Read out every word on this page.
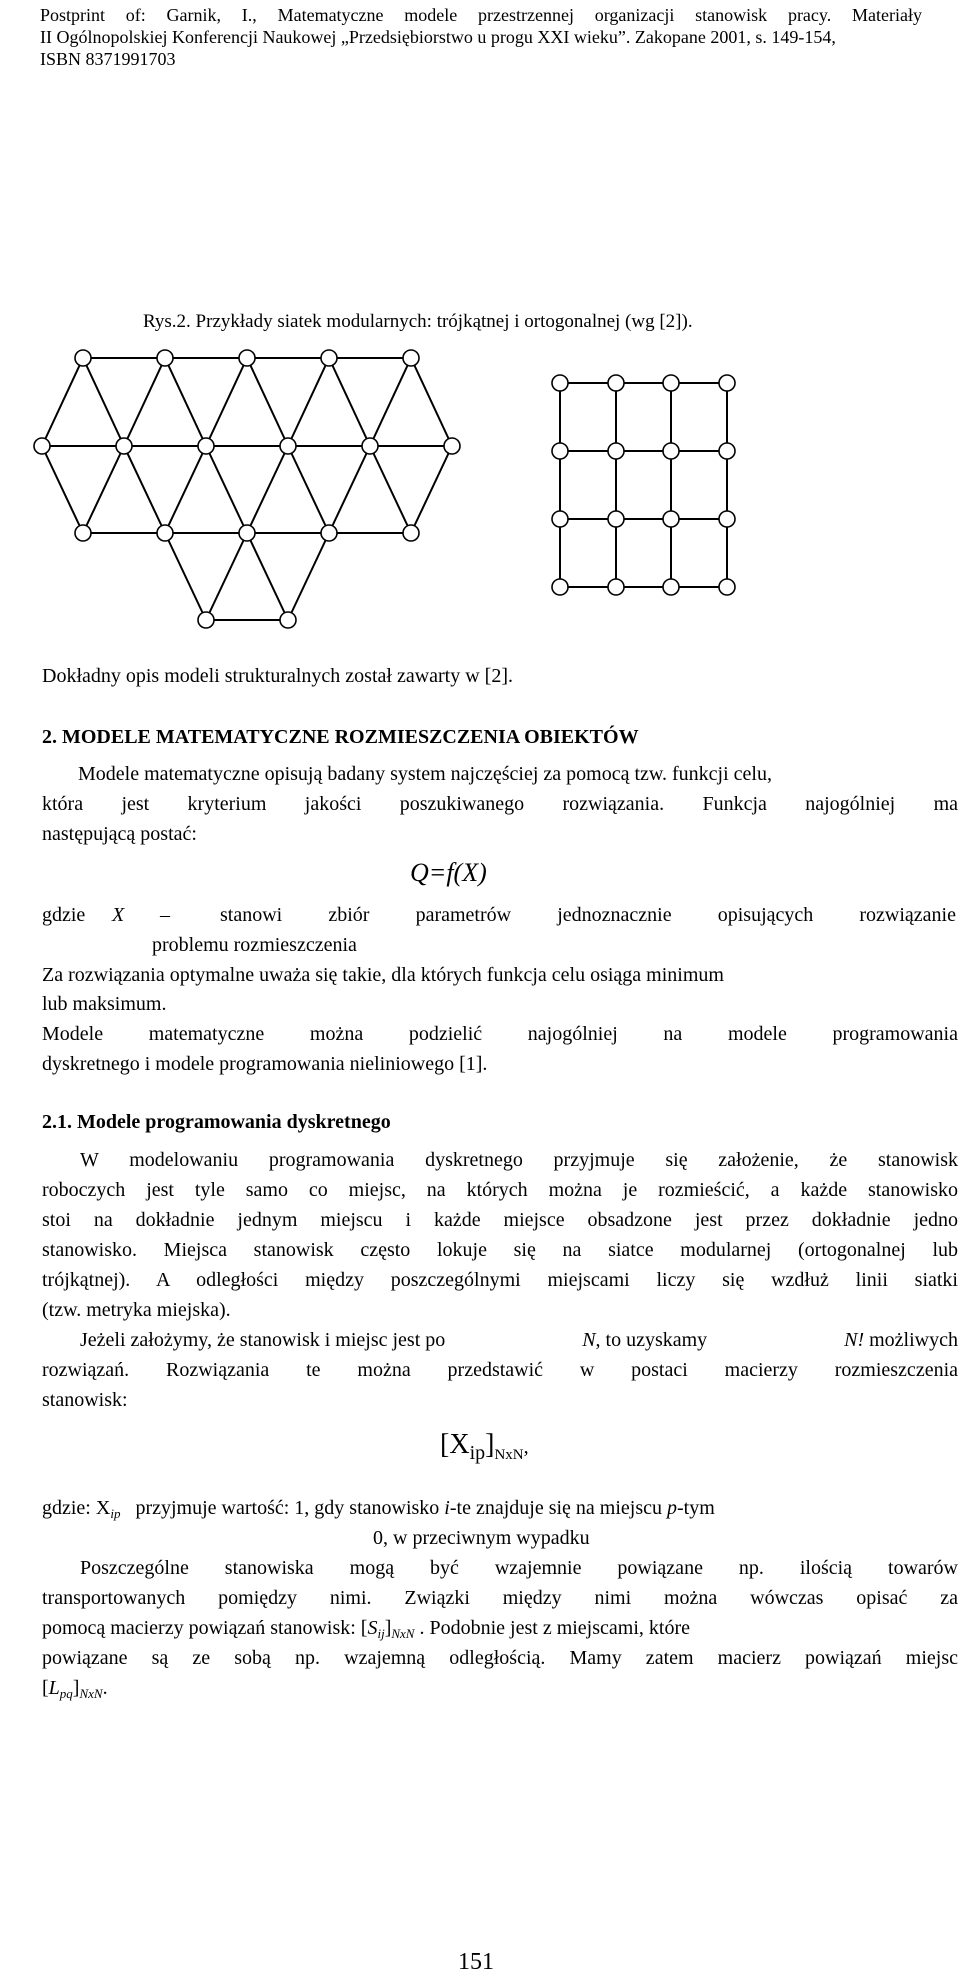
Postprint of: Garnik, I., Matematyczne modele przestrzennej organizacji stanowisk pracy. Materiały
II Ogólnopolskiej Konferencji Naukowej „Przedsiębiorstwo u progu XXI wieku”. Zakopane 2001, s. 149-154,
ISBN 8371991703
Rys.2. Przykłady siatek modularnych: trójkątnej i ortogonalnej (wg [2]).
Dokładny opis modeli strukturalnych został zawarty w [2].
2. MODELE MATEMATYCZNE ROZMIESZCZENIA OBIEKTÓW
Modele matematyczne opisują badany system najczęściej za pomocą tzw. funkcji celu,
która jest kryterium jakości poszukiwanego rozwiązania. Funkcja najogólniej ma
następującą postać:
Q=f(X)
gdzie X –	stanowi zbiór parametrów jednoznacznie opisujących rozwiązanie
problemu rozmieszczenia
Za rozwiązania optymalne uważa się takie, dla których funkcja celu osiąga minimum
lub maksimum.
Modele matematyczne można podzielić najogólniej na modele programowania
dyskretnego i modele programowania nieliniowego [1].
2.1. Modele programowania dyskretnego
W modelowaniu programowania dyskretnego przyjmuje się założenie, że stanowisk
roboczych jest tyle samo co miejsc, na których można je rozmieścić, a każde stanowisko
stoi na dokładnie jednym miejscu i każde miejsce obsadzone jest przez dokładnie jedno
stanowisko. Miejsca stanowisk często lokuje się na siatce modularnej (ortogonalnej lub
trójkątnej). A odległości między poszczególnymi miejscami liczy się wzdłuż linii siatki
(tzw. metryka miejska).
Jeżeli założymy, że stanowisk i miejsc jest po	N, to uzyskamy	N! możliwych
rozwiązań. Rozwiązania te można przedstawić w postaci macierzy rozmieszczenia
stanowisk:
$[X_{ip}]_{NxN}$,
gdzie: $X_{ip}$ przyjmuje wartość: 1, gdy stanowisko i-te znajduje się na miejscu p-tym
0, w przeciwnym wypadku
Poszczególne stanowiska mogą być wzajemnie powiązane np. ilością towarów
transportowanych pomiędzy nimi. Związki między nimi można wówczas opisać za
pomocą macierzy powiązań stanowisk: $[S_{ij}]_{NxN}$ . Podobnie jest z miejscami, które
powiązane są ze sobą np. wzajemną odległością. Mamy zatem macierz powiązań miejsc
$[L_{pq}]_{NxN}$.
151
